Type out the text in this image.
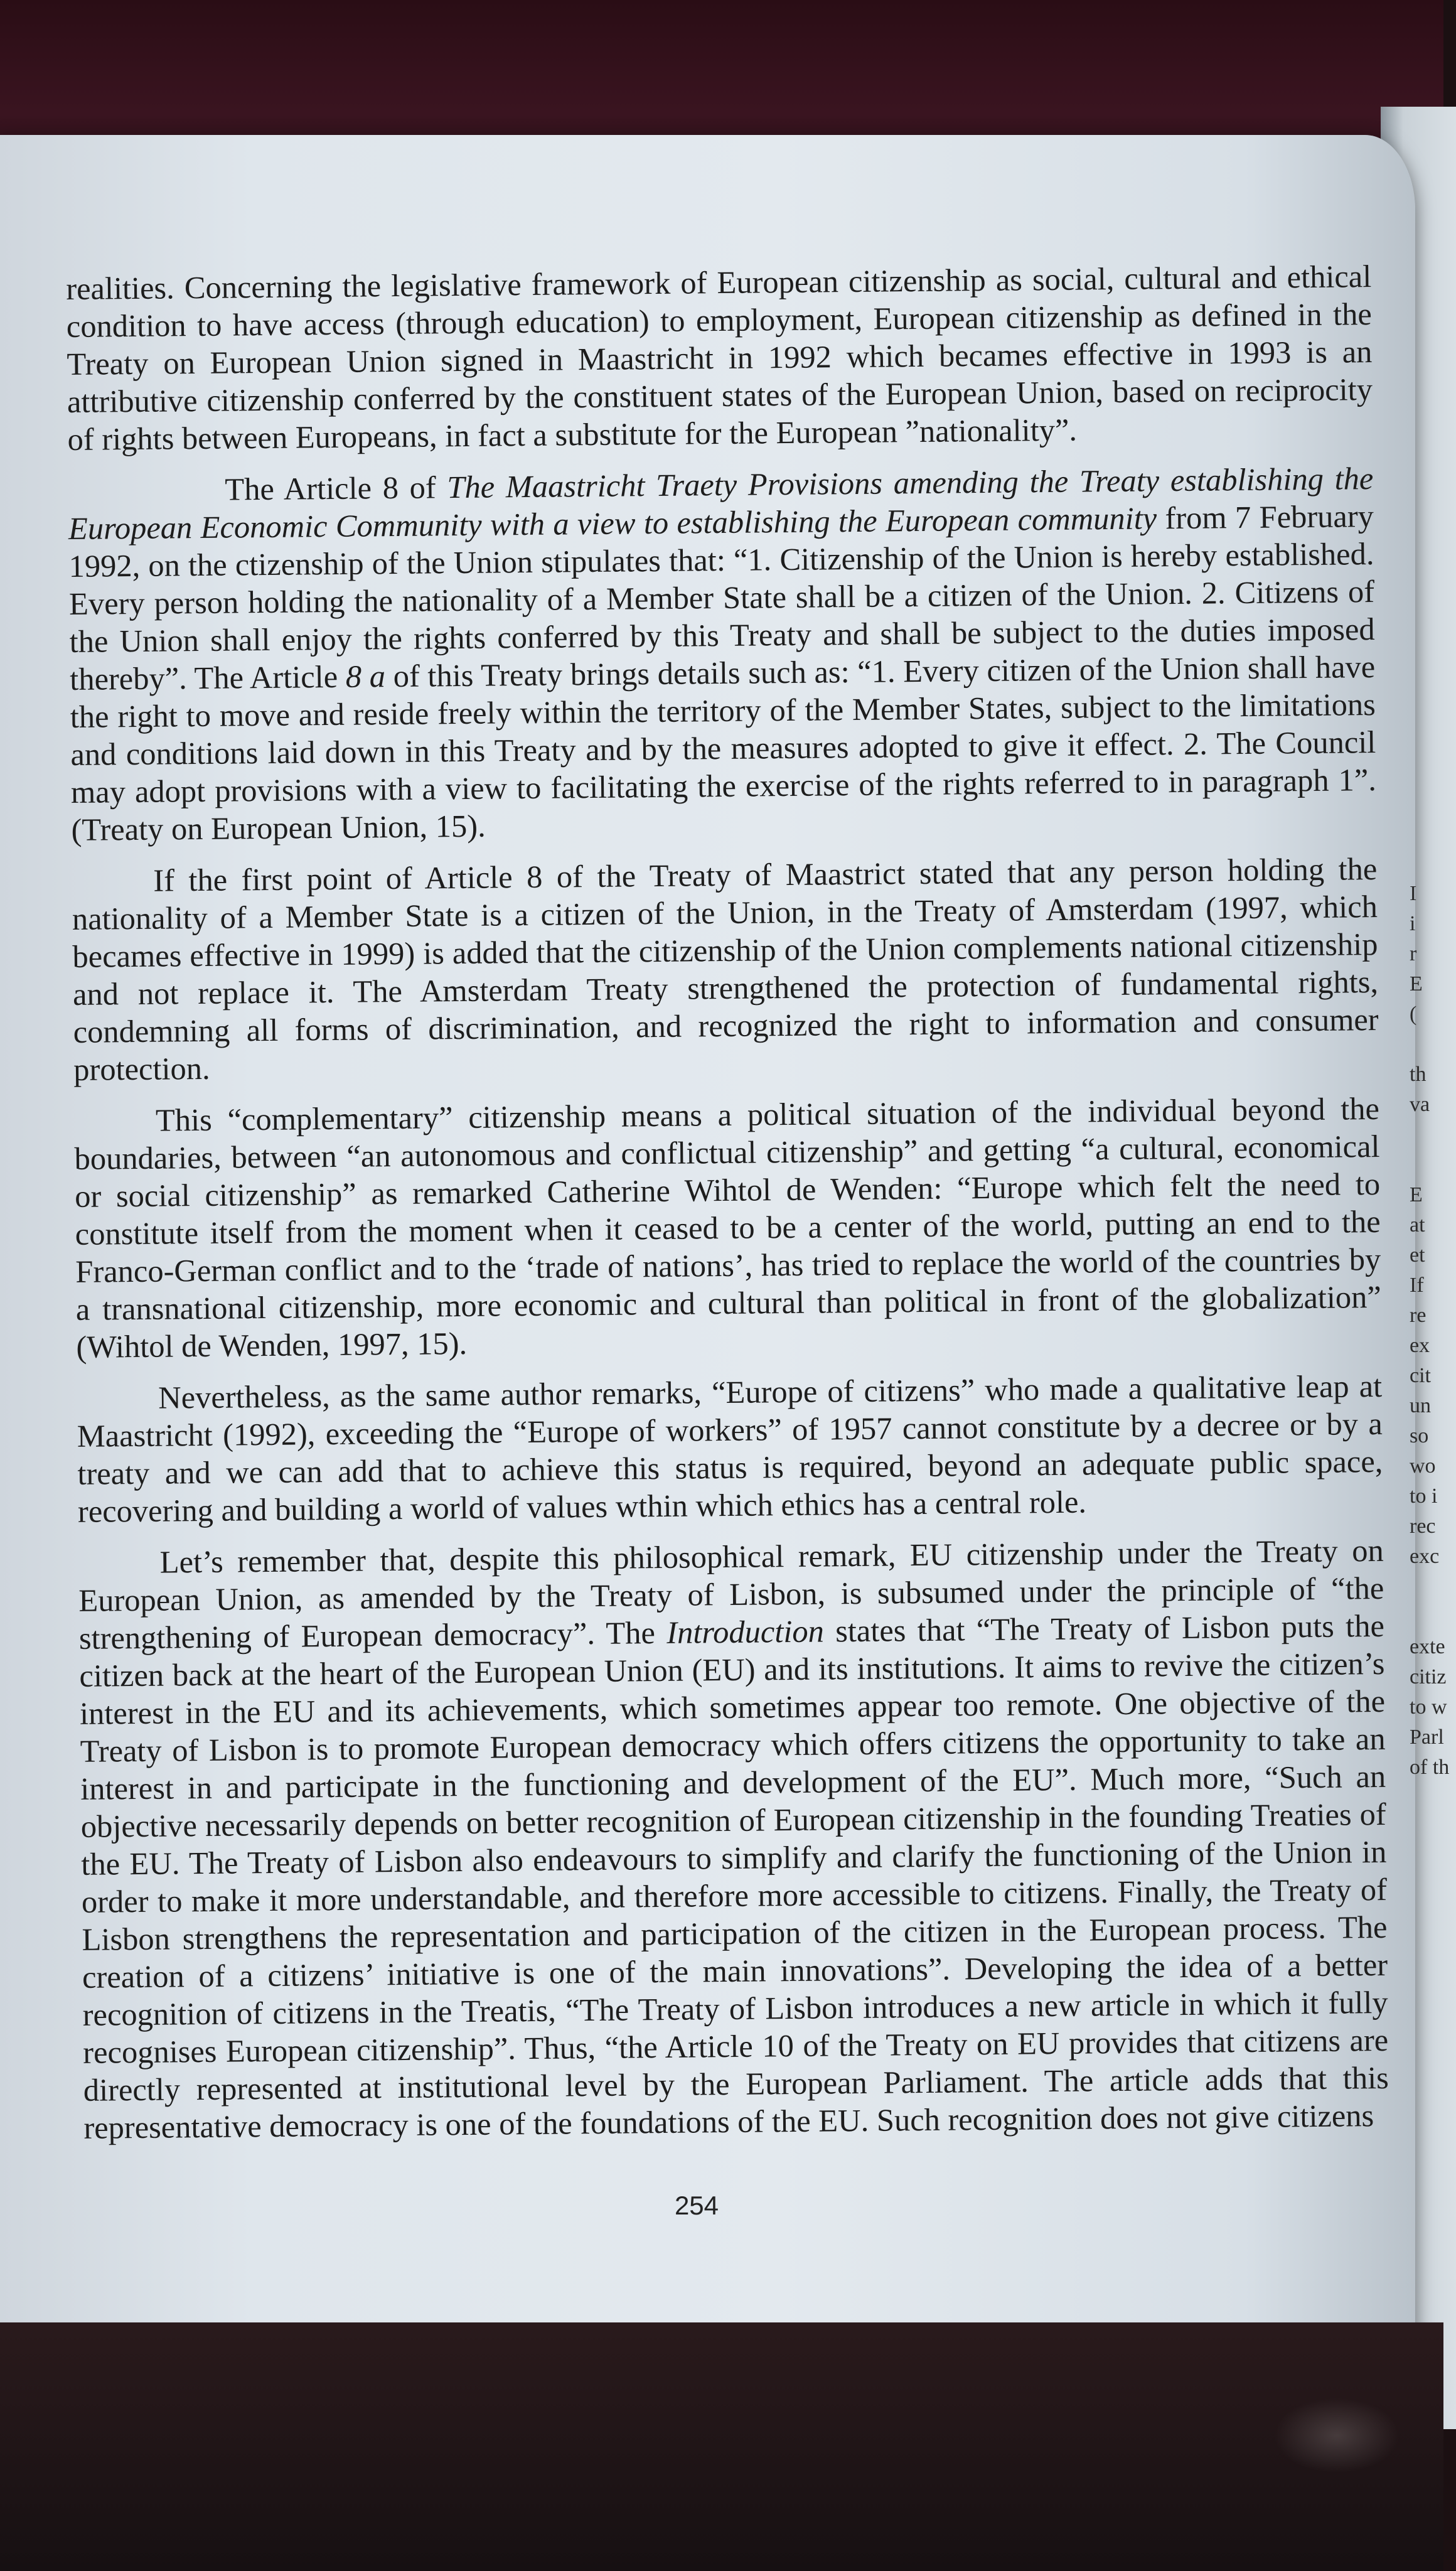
I
i
r
E
(
th
va
E
at
et
If
re
ex
cit
un
so
wo
to i
rec
exc
exte
citiz
to w
Parl
of th

realities. Concerning the legislative framework of European citizenship as social, cultural and ethical condition to have access (through education) to employment, European citizenship as defined in the Treaty on European Union signed in Maastricht in 1992 which becames effective in 1993 is an attributive citizenship conferred by the constituent states of the European Union, based on reciprocity of rights between Europeans, in fact a substitute for the European ”nationality”.

The Article 8 of The Maastricht Traety Provisions amending the Treaty establishing the European Economic Community with a view to establishing the European community from 7 February 1992, on the ctizenship of the Union stipulates that: “1. Citizenship of the Union is hereby established. Every person holding the nationality of a Member State shall be a citizen of the Union. 2. Citizens of the Union shall enjoy the rights conferred by this Treaty and shall be subject to the duties imposed thereby”. The Article 8 a of this Treaty brings details such as: “1. Every citizen of the Union shall have the right to move and reside freely within the territory of the Member States, subject to the limitations and conditions laid down in this Treaty and by the measures adopted to give it effect. 2. The Council may adopt provisions with a view to facilitating the exercise of the rights referred to in paragraph 1”.(Treaty on European Union, 15).

If the first point of Article 8 of the Treaty of Maastrict stated that any person holding the nationality of a Member State is a citizen of the Union, in the Treaty of Amsterdam (1997, which becames effective in 1999) is added that the citizenship of the Union complements national citizenship and not replace it. The Amsterdam Treaty strengthened the protection of fundamental rights, condemning all forms of discrimination, and recognized the right to information and consumer protection.

This “complementary” citizenship means a political situation of the individual beyond the boundaries, between “an autonomous and conflictual citizenship” and getting “a cultural, economical or social citizenship” as remarked Catherine Wihtol de Wenden: “Europe which felt the need to constitute itself from the moment when it ceased to be a center of the world, putting an end to the Franco-German conflict and to the ‘trade of nations’, has tried to replace the world of the countries by a transnational citizenship, more economic and cultural than political in front of the globalization” (Wihtol de Wenden, 1997, 15).

Nevertheless, as the same author remarks, “Europe of citizens” who made a qualitative leap at Maastricht (1992), exceeding the “Europe of workers” of 1957 cannot constitute by a decree or by a treaty and we can add that to achieve this status is required, beyond an adequate public space, recovering and building a world of values wthin which ethics has a central role.

Let’s remember that, despite this philosophical remark, EU citizenship under the Treaty on European Union, as amended by the Treaty of Lisbon, is subsumed under the principle of “the strengthening of European democracy”. The Introduction states that “The Treaty of Lisbon puts the citizen back at the heart of the European Union (EU) and its institutions. It aims to revive the citizen’s interest in the EU and its achievements, which sometimes appear too remote. One objective of the Treaty of Lisbon is to promote European democracy which offers citizens the opportunity to take an interest in and participate in the functioning and development of the EU”. Much more, “Such an objective necessarily depends on better recognition of European citizenship in the founding Treaties of the EU. The Treaty of Lisbon also endeavours to simplify and clarify the functioning of the Union in order to make it more understandable, and therefore more accessible to citizens. Finally, the Treaty of Lisbon strengthens the representation and participation of the citizen in the European process. The creation of a citizens’ initiative is one of the main innovations”. Developing the idea of a better recognition of citizens in the Treatis, “The Treaty of Lisbon introduces a new article in which it fully recognises European citizenship”. Thus, “the Article 10 of the Treaty on EU provides that citizens are directly represented at institutional level by the European Parliament. The article adds that this representative democracy is one of the foundations of the EU. Such recognition does not give citizens

254
